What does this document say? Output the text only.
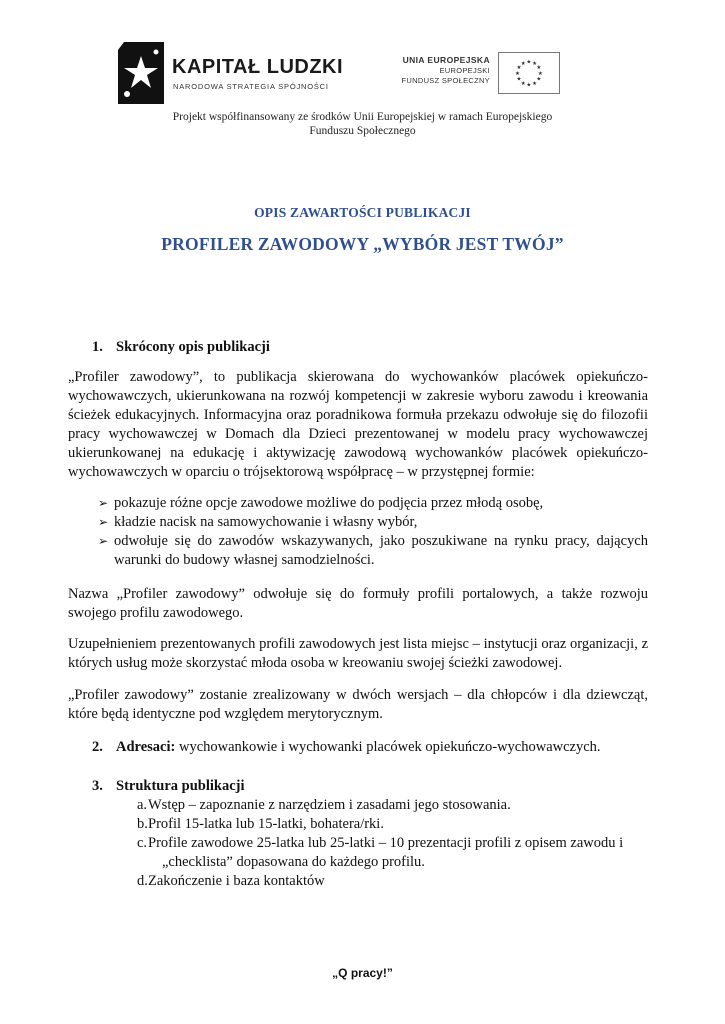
KAPITAŁ LUDZKI
NARODOWA STRATEGIA SPÓJNOŚCI
UNIA EUROPEJSKA
EUROPEJSKI
FUNDUSZ SPOŁECZNY
★ ★
★
★
★
★
★
★
★
★
★
★
Projekt współfinansowany ze środków Unii Europejskiej w ramach Europejskiego
Funduszu Społecznego
OPIS ZAWARTOŚCI PUBLIKACJI
PROFILER ZAWODOWY „WYBÓR JEST TWÓJ”
1. Skrócony opis publikacji
„Profiler zawodowy”, to publikacja skierowana do wychowanków placówek opiekuńczo-wychowawczych, ukierunkowana na rozwój kompetencji w zakresie wyboru zawodu i kreowania ścieżek edukacyjnych. Informacyjna oraz poradnikowa formuła przekazu odwołuje się do filozofii pracy wychowawczej w Domach dla Dzieci prezentowanej w modelu pracy wychowawczej ukierunkowanej na edukację i aktywizację zawodową wychowanków placówek opiekuńczo-wychowawczych w oparciu o trójsektorową współpracę – w przystępnej formie:
➢ pokazuje różne opcje zawodowe możliwe do podjęcia przez młodą osobę,
➢ kładzie nacisk na samowychowanie i własny wybór,
➢ odwołuje się do zawodów wskazywanych, jako poszukiwane na rynku pracy, dających warunki do budowy własnej samodzielności.
Nazwa „Profiler zawodowy” odwołuje się do formuły profili portalowych, a także rozwoju swojego profilu zawodowego.
Uzupełnieniem prezentowanych profili zawodowych jest lista miejsc – instytucji oraz organizacji, z których usług może skorzystać młoda osoba w kreowaniu swojej ścieżki zawodowej.
„Profiler zawodowy” zostanie zrealizowany w dwóch wersjach – dla chłopców i dla dziewcząt, które będą identyczne pod względem merytorycznym.
2. Adresaci: wychowankowie i wychowanki placówek opiekuńczo-wychowawczych.
3. Struktura publikacji
a. Wstęp – zapoznanie z narzędziem i zasadami jego stosowania.
b. Profil 15-latka lub 15-latki, bohatera/rki.
c. Profile zawodowe 25-latka lub 25-latki – 10 prezentacji profili z opisem zawodu i
„checklista” dopasowana do każdego profilu.
d. Zakończenie i baza kontaktów
„Q pracy!”
